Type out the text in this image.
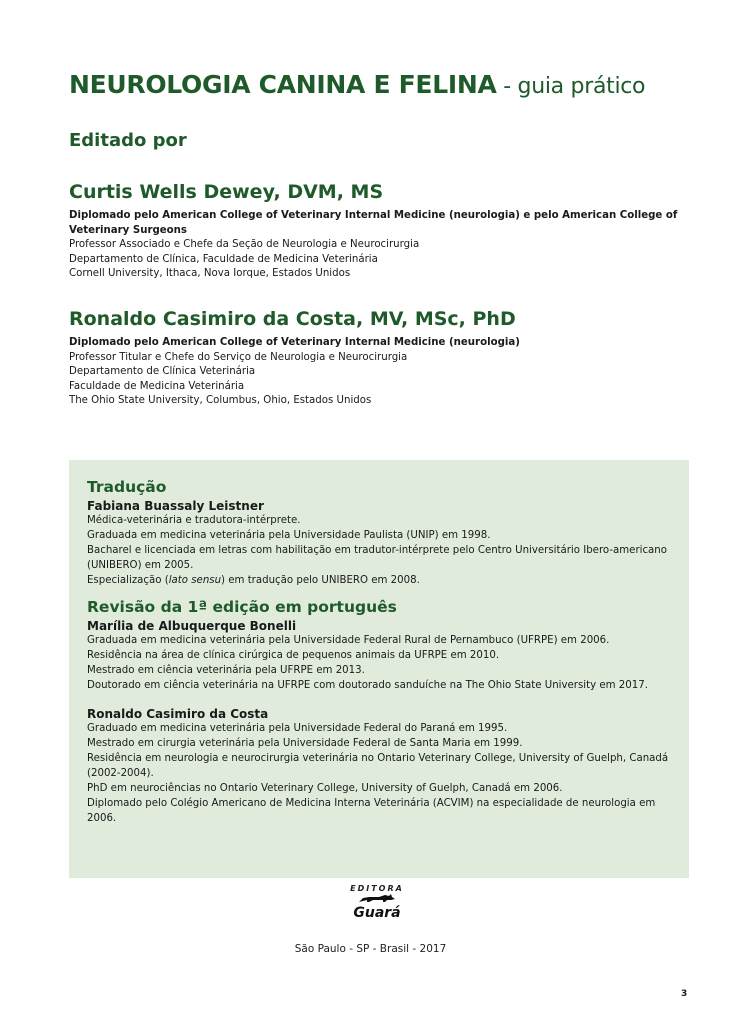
NEUROLOGIA CANINA E FELINA - guia prático

Editado por

Curtis Wells Dewey, DVM, MS
Diplomado pelo American College of Veterinary Internal Medicine (neurologia) e pelo American College of Veterinary Surgeons
Professor Associado e Chefe da Seção de Neurologia e Neurocirurgia
Departamento de Clínica, Faculdade de Medicina Veterinária
Cornell University, Ithaca, Nova Iorque, Estados Unidos
Ronaldo Casimiro da Costa, MV, MSc, PhD
Diplomado pelo American College of Veterinary Internal Medicine (neurologia)
Professor Titular e Chefe do Serviço de Neurologia e Neurocirurgia
Departamento de Clínica Veterinária
Faculdade de Medicina Veterinária
The Ohio State University, Columbus, Ohio, Estados Unidos
Tradução
Fabiana Buassaly Leistner
Médica-veterinária e tradutora-intérprete.
Graduada em medicina veterinária pela Universidade Paulista (UNIP) em 1998.
Bacharel e licenciada em letras com habilitação em tradutor-intérprete pelo Centro Universitário Ibero-americano (UNIBERO) em 2005.
Especialização (lato sensu) em tradução pelo UNIBERO em 2008.
Revisão da 1ª edição em português
Marília de Albuquerque Bonelli
Graduada em medicina veterinária pela Universidade Federal Rural de Pernambuco (UFRPE) em 2006.
Residência na área de clínica cirúrgica de pequenos animais da UFRPE em 2010.
Mestrado em ciência veterinária pela UFRPE em 2013.
Doutorado em ciência veterinária na UFRPE com doutorado sanduíche na The Ohio State University em 2017.
Ronaldo Casimiro da Costa
Graduado em medicina veterinária pela Universidade Federal do Paraná em 1995.
Mestrado em cirurgia veterinária pela Universidade Federal de Santa Maria em 1999.
Residência em neurologia e neurocirurgia veterinária no Ontario Veterinary College, University of Guelph, Canadá (2002-2004).
PhD em neurociências no Ontario Veterinary College, University of Guelph, Canadá em 2006.
Diplomado pelo Colégio Americano de Medicina Interna Veterinária (ACVIM) na especialidade de neurologia em 2006.
EDITORA
Guará
São Paulo - SP - Brasil - 2017
3
